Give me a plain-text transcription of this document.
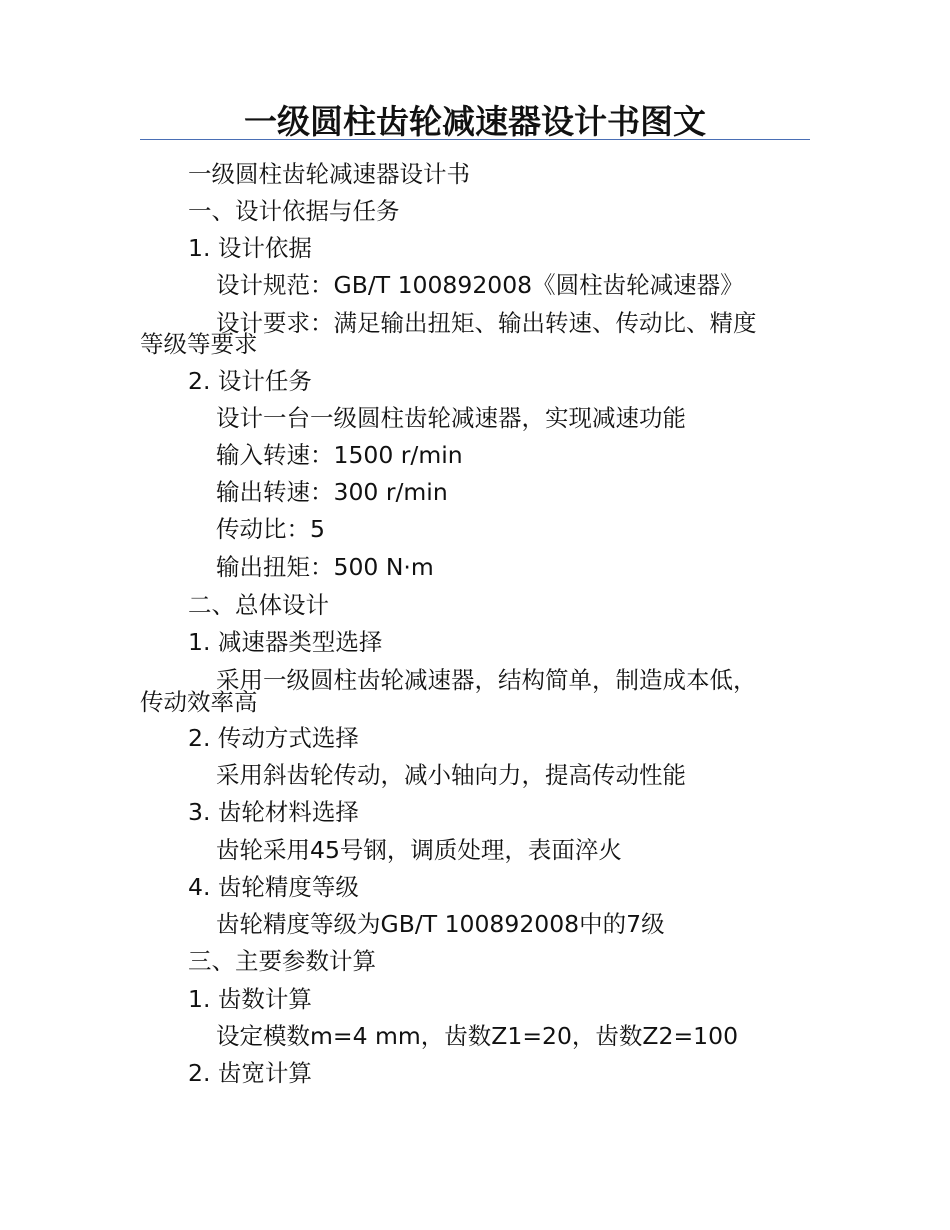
一级圆柱齿轮减速器设计书图文
一级圆柱齿轮减速器设计书
一、设计依据与任务
1. 设计依据
设计规范：GB/T 100892008《圆柱齿轮减速器》
设计要求：满足输出扭矩、输出转速、传动比、精度
等级等要求
2. 设计任务
设计一台一级圆柱齿轮减速器，实现减速功能
输入转速：1500 r/min
输出转速：300 r/min
传动比：5
输出扭矩：500 N·m
二、总体设计
1. 减速器类型选择
采用一级圆柱齿轮减速器，结构简单，制造成本低，
传动效率高
2. 传动方式选择
采用斜齿轮传动，减小轴向力，提高传动性能
3. 齿轮材料选择
齿轮采用45号钢，调质处理，表面淬火
4. 齿轮精度等级
齿轮精度等级为GB/T 100892008中的7级
三、主要参数计算
1. 齿数计算
设定模数m=4 mm，齿数Z1=20，齿数Z2=100
2. 齿宽计算
